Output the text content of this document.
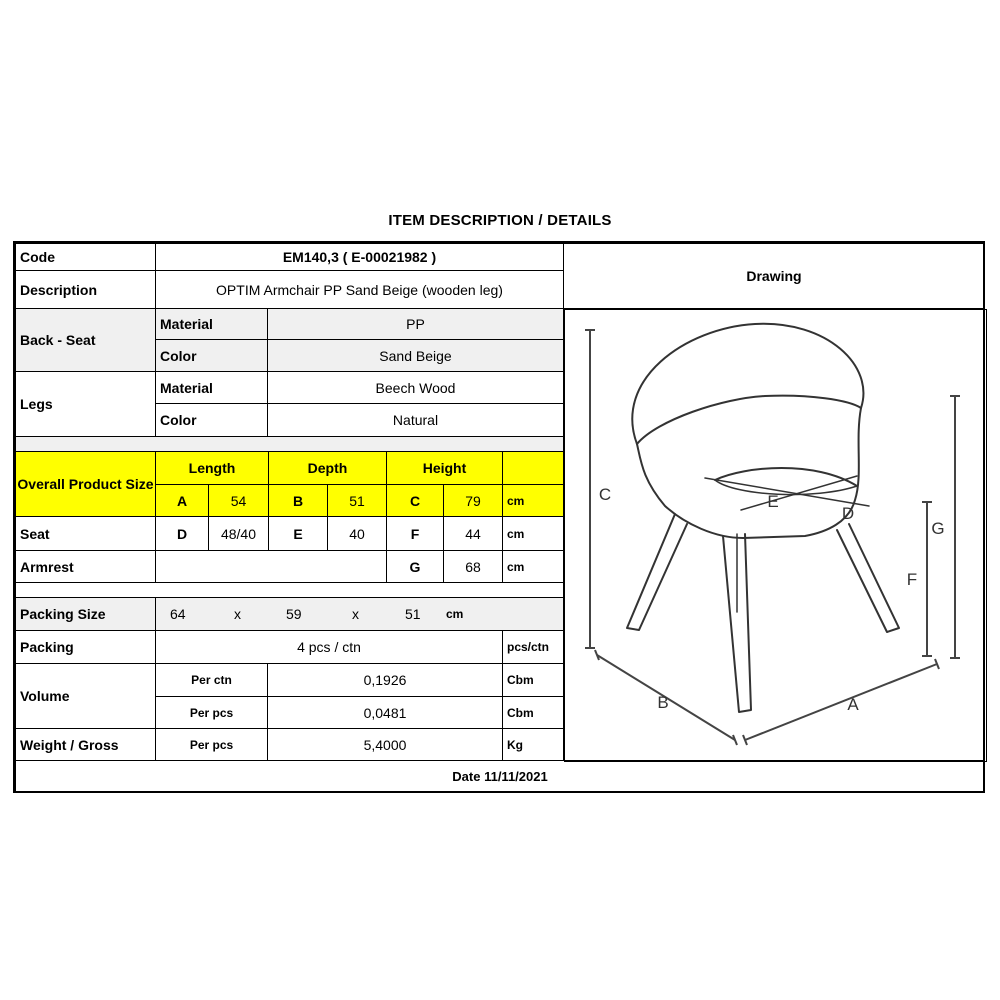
ITEM DESCRIPTION / DETAILS
Code	EM140,3 ( E-00021982 )
Drawing
Description	OPTIM Armchair PP Sand Beige (wooden leg)
Back - Seat
Material	PP
Color	Sand Beige
Legs
Material	Beech Wood
Color	Natural
Overall Product Size
Length	Depth	Height
A	54	B	51	C	79	cm
Seat	D	48/40	E	40	F	44	cm
Armrest	G	68	cm
Packing Size	64	x	59	x	51 cm
Packing	4 pcs / ctn	pcs/ctn
Volume
Per ctn	0,1926	Cbm
Per pcs	0,0481	Cbm
Weight / Gross	Per pcs	5,4000	Kg
C
G
F
E
D
B	A
Date 11/11/2021
